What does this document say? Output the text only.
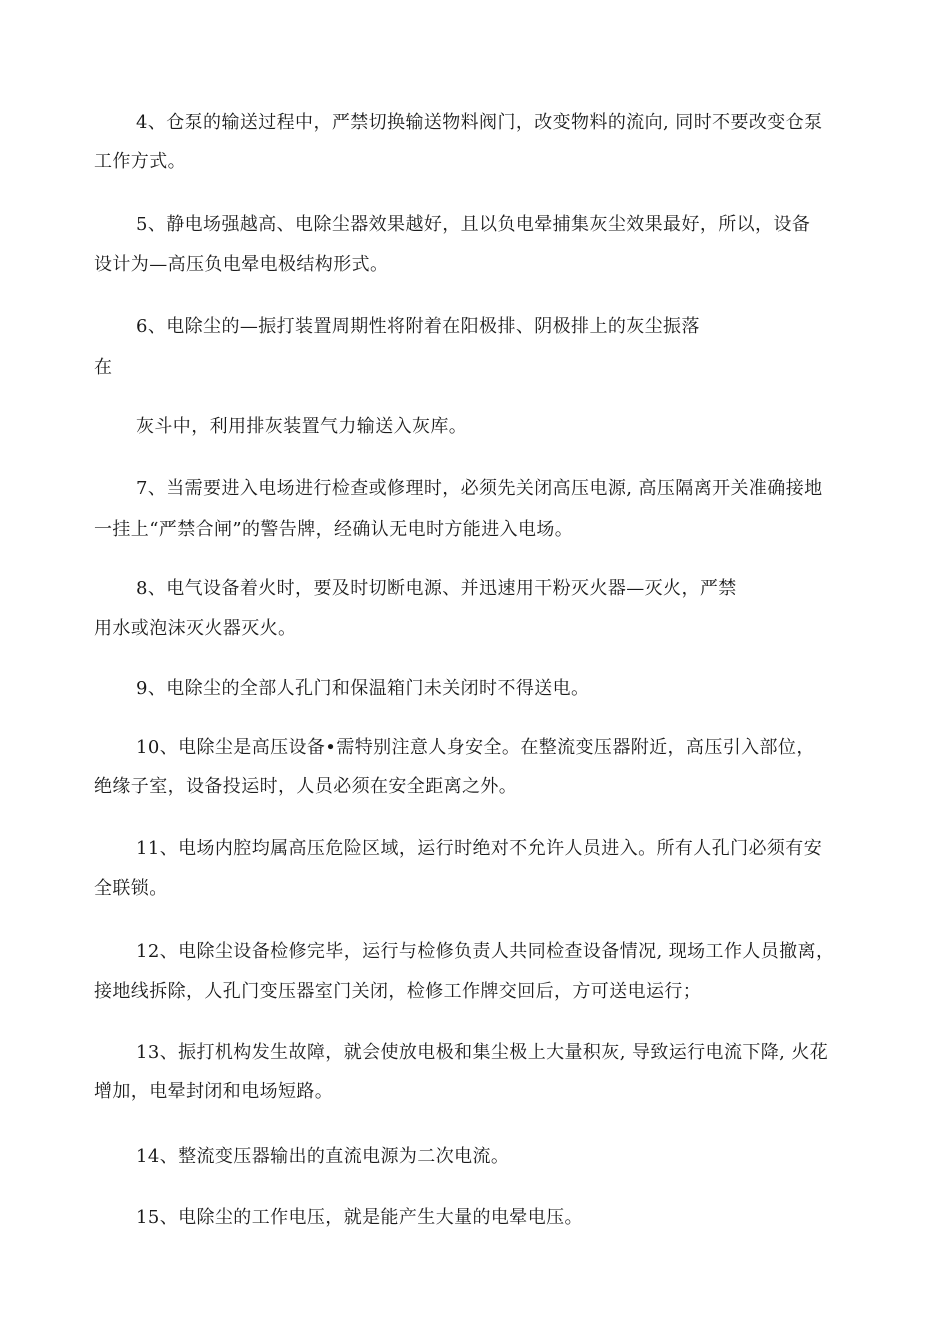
4、仓泵的输送过程中，严禁切换输送物料阀门，改变物料的流向, 同时不要改变仓泵
工作方式。
5、静电场强越高、电除尘器效果越好，且以负电晕捕集灰尘效果最好，所以，设备
设计为—高压负电晕电极结构形式。
6、电除尘的—振打装置周期性将附着在阳极排、阴极排上的灰尘振落
在
灰斗中，利用排灰装置气力输送入灰库。
7、当需要进入电场进行检查或修理时，必须先关闭高压电源, 高压隔离开关准确接地
一挂上“严禁合闸”的警告牌，经确认无电时方能进入电场。
8、电气设备着火时，要及时切断电源、并迅速用干粉灭火器—灭火，严禁
用水或泡沫灭火器灭火。
9、电除尘的全部人孔门和保温箱门未关闭时不得送电。
10、电除尘是高压设备•需特别注意人身安全。在整流变压器附近，高压引入部位，
绝缘子室，设备投运时，人员必须在安全距离之外。
11、电场内腔均属高压危险区域，运行时绝对不允许人员进入。所有人孔门必须有安
全联锁。
12、电除尘设备检修完毕，运行与检修负责人共同检查设备情况, 现场工作人员撤离，
接地线拆除，人孔门变压器室门关闭，检修工作牌交回后，方可送电运行；
13、振打机构发生故障，就会使放电极和集尘极上大量积灰, 导致运行电流下降, 火花
增加，电晕封闭和电场短路。
14、整流变压器输出的直流电源为二次电流。
15、电除尘的工作电压，就是能产生大量的电晕电压。
